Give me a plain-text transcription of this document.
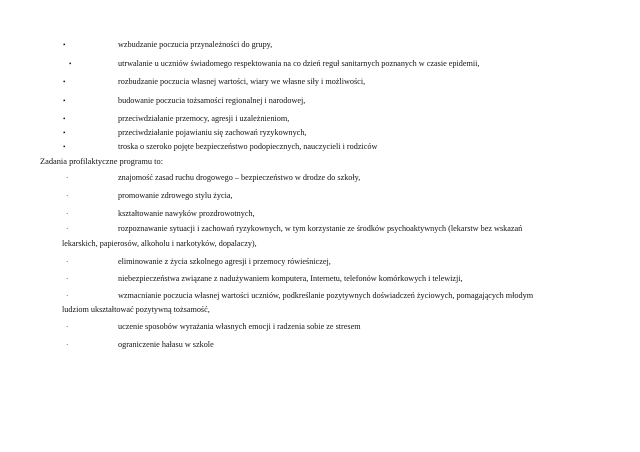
•	wzbudzanie poczucia przynależności do grupy,
•	utrwalanie u uczniów świadomego respektowania na co dzień reguł sanitarnych poznanych w czasie epidemii,
•	rozbudzanie poczucia własnej wartości, wiary we własne siły i możliwości,
•	budowanie poczucia tożsamości regionalnej i narodowej,
•	przeciwdziałanie przemocy, agresji i uzależnieniom,
•	przeciwdziałanie pojawianiu się zachowań ryzykownych,
•	troska o szeroko pojęte bezpieczeństwo podopiecznych, nauczycieli i rodziców
Zadania profilaktyczne programu to:
·	znajomość zasad ruchu drogowego – bezpieczeństwo w drodze do szkoły,
·	promowanie zdrowego stylu życia,
·	kształtowanie nawyków prozdrowotnych,
·	rozpoznawanie sytuacji i zachowań ryzykownych, w tym korzystanie ze środków psychoaktywnych (lekarstw bez wskazań
lekarskich, papierosów, alkoholu i narkotyków, dopalaczy),
·	eliminowanie z życia szkolnego agresji i przemocy rówieśniczej,
·	niebezpieczeństwa związane z nadużywaniem komputera, Internetu, telefonów komórkowych i telewizji,
·	wzmacnianie poczucia własnej wartości uczniów, podkreślanie pozytywnych doświadczeń życiowych, pomagających młodym
ludziom ukształtować pozytywną tożsamość,
·	uczenie sposobów wyrażania własnych emocji i radzenia sobie ze stresem
·	ograniczenie hałasu w szkole
